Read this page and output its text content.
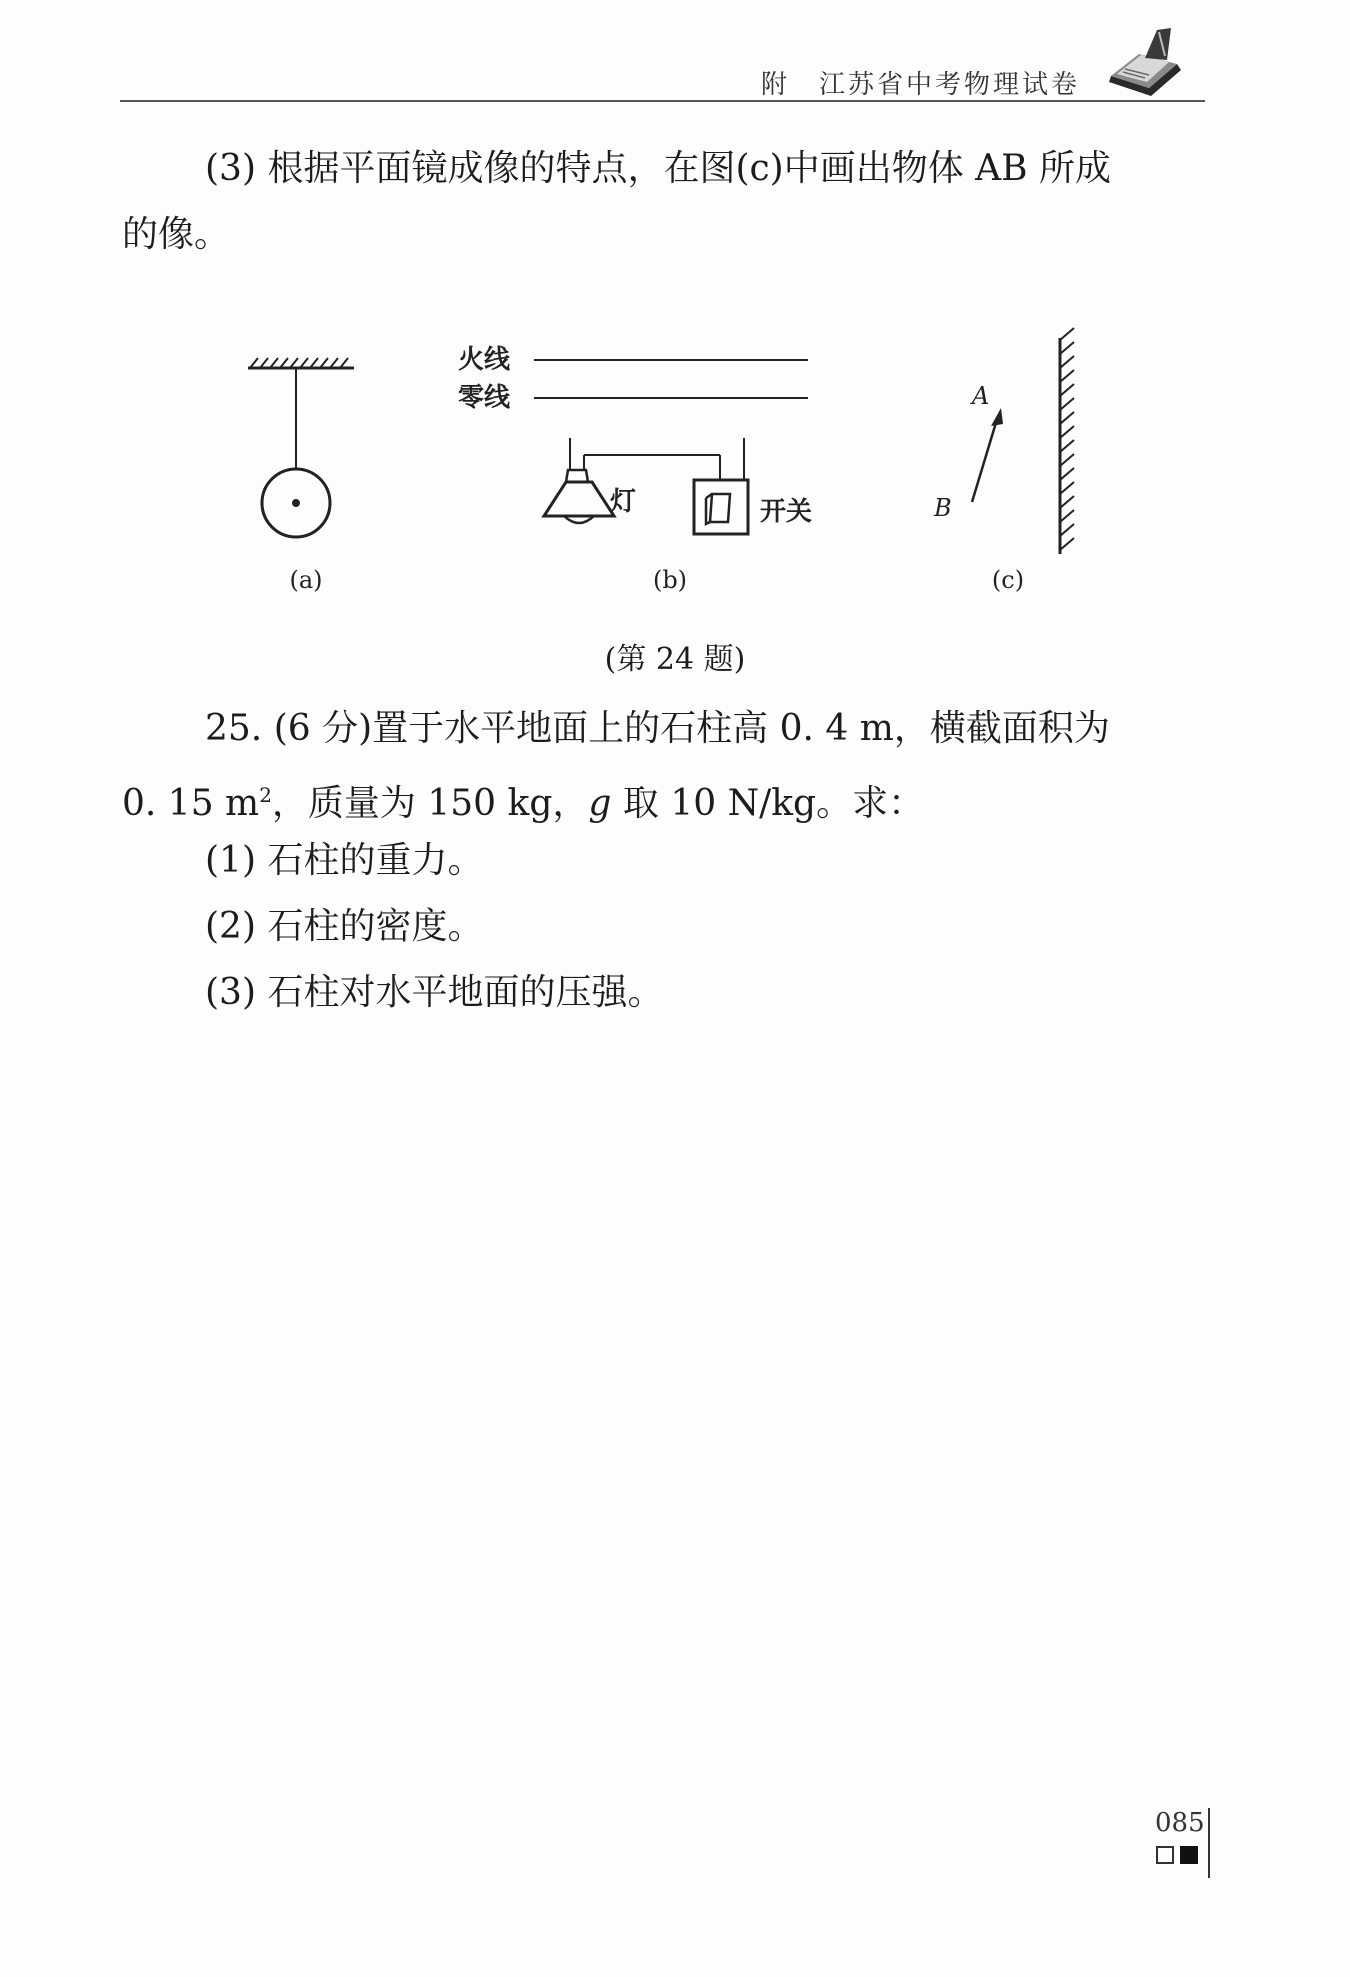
附　江苏省中考物理试卷
(3) 根据平面镜成像的特点，在图(c)中画出物体 AB 所成
的像。
(a)
火线
零线
灯	开关
(b)
A
B
(c)
(第 24 题)
25. (6 分)置于水平地面上的石柱高 0. 4 m，横截面积为
0. 15 $m^2$，质量为 150 kg，g 取 10 N/kg。求：
(1) 石柱的重力。
(2) 石柱的密度。
(3) 石柱对水平地面的压强。
085
